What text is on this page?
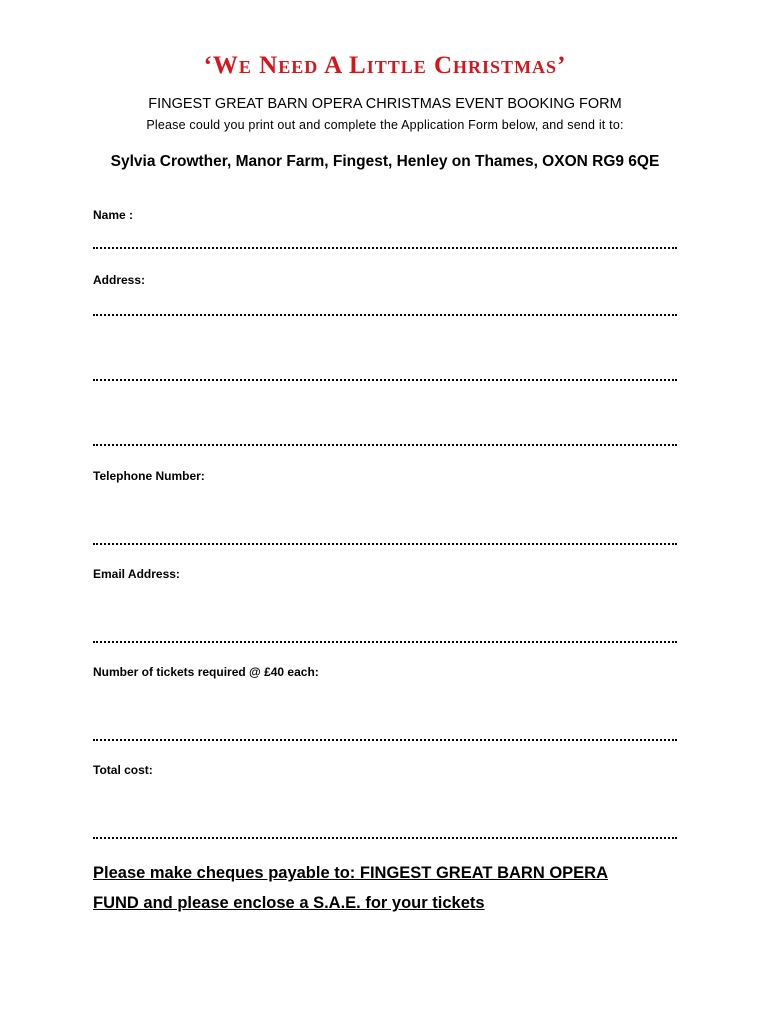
‘We Need A Little Christmas’
FINGEST GREAT BARN OPERA CHRISTMAS EVENT BOOKING FORM
Please could you print out and complete the Application Form below, and send it to:
Sylvia Crowther, Manor Farm, Fingest, Henley on Thames, OXON RG9 6QE
Name :
Address:
Telephone Number:
Email Address:
Number of tickets required @ £40 each:
Total cost:
Please make cheques payable to: FINGEST GREAT BARN OPERA
FUND and please enclose a S.A.E. for your tickets
